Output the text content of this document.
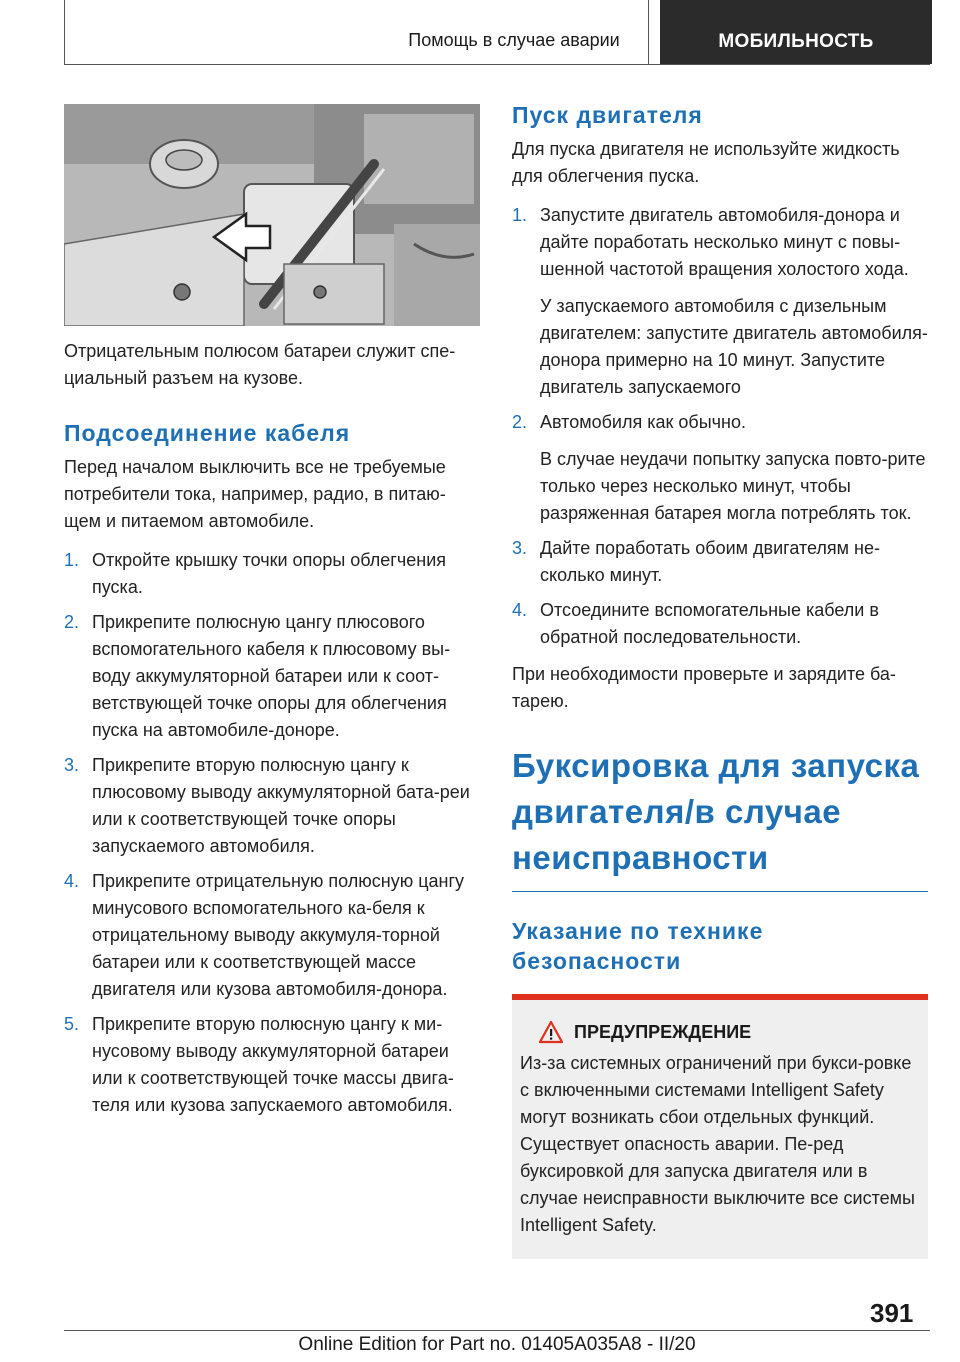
Помощь в случае аварии	МОБИЛЬНОСТЬ

Отрицательным полюсом батареи служит спе-циальный разъем на кузове.

Подсоединение кабеля

Перед началом выключить все не требуемые потребители тока, например, радио, в питаю-щем и питаемом автомобиле.

1. Откройте крышку точки опоры облегчения пуска.
2. Прикрепите полюсную цангу плюсового вспомогательного кабеля к плюсовому вы-воду аккумуляторной батареи или к соот-ветствующей точке опоры для облегчения пуска на автомобиле-доноре.
3. Прикрепите вторую полюсную цангу к плюсовому выводу аккумуляторной бата-реи или к соответствующей точке опоры запускаемого автомобиля.
4. Прикрепите отрицательную полюсную цангу минусового вспомогательного ка-беля к отрицательному выводу аккумуля-торной батареи или к соответствующей массе двигателя или кузова автомобиля-донора.
5. Прикрепите вторую полюсную цангу к ми-нусовому выводу аккумуляторной батареи или к соответствующей точке массы двига-теля или кузова запускаемого автомобиля.
Пуск двигателя

Для пуска двигателя не используйте жидкость для облегчения пуска.

1. Запустите двигатель автомобиля-донора и дайте поработать несколько минут с повы-шенной частотой вращения холостого хода.
У запускаемого автомобиля с дизельным двигателем: запустите двигатель автомобиля-донора примерно на 10 минут. Запустите двигатель запускаемого
2. Автомобиля как обычно.
В случае неудачи попытку запуска повто-рите только через несколько минут, чтобы разряженная батарея могла потреблять ток.
3. Дайте поработать обоим двигателям не-сколько минут.
4. Отсоедините вспомогательные кабели в обратной последовательности.

При необходимости проверьте и зарядите ба-тарею.

Буксировка для запуска двигателя/в случае неисправности
Указание по технике безопасности
ПРЕДУПРЕЖДЕНИЕ

Из-за системных ограничений при букси-ровке с включенными системами Intelligent Safety могут возникать сбои отдельных функций. Существует опасность аварии. Пе-ред буксировкой для запуска двигателя или в случае неисправности выключите все системы Intelligent Safety.

391
Online Edition for Part no. 01405A035A8 - II/20
